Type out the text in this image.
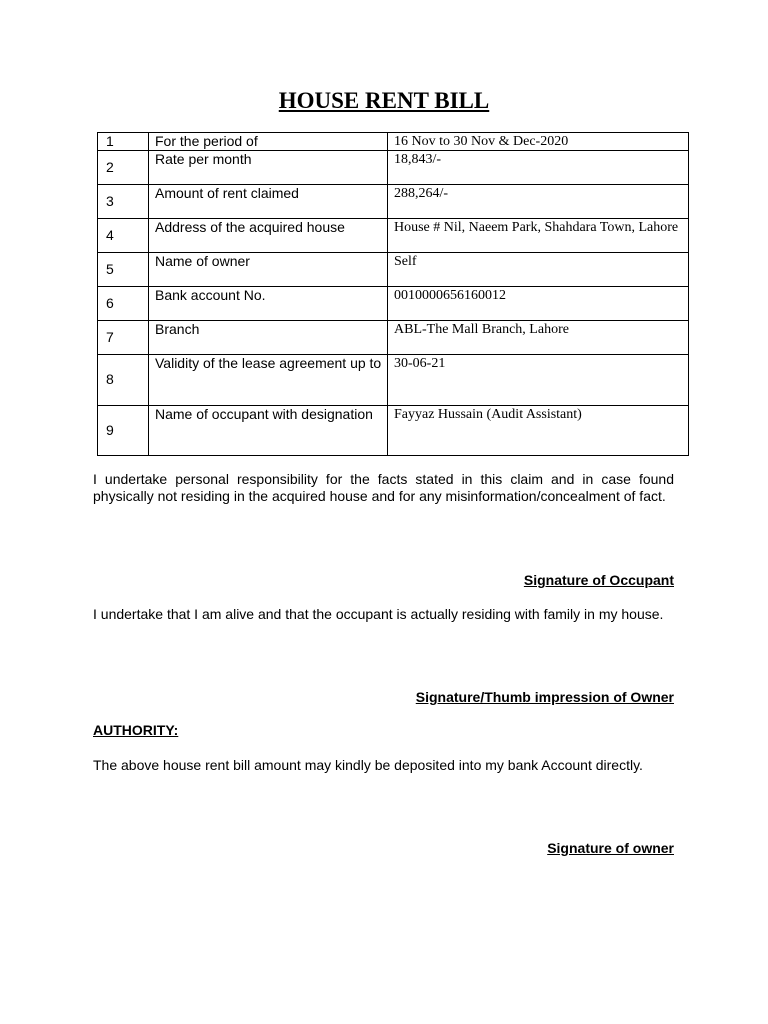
HOUSE RENT BILL
1	For the period of	16 Nov to 30 Nov & Dec-2020

2	Rate per month	18,843/-

3	Amount of rent claimed	288,264/-

4	Address of the acquired house	House # Nil, Naeem Park, Shahdara Town, Lahore

5	Name of owner	Self

6	Bank account No.	0010000656160012

7	Branch	ABL-The Mall Branch, Lahore

8	Validity of the lease agreement up to	30-06-21

9	Name of occupant with designation	Fayyaz Hussain (Audit Assistant)
I undertake personal responsibility for the facts stated in this claim and in case found physically not residing in the acquired house and for any misinformation/concealment of fact.
Signature of Occupant
I undertake that I am alive and that the occupant is actually residing with family in my house.
Signature/Thumb impression of Owner
AUTHORITY:
The above house rent bill amount may kindly be deposited into my bank Account directly.
Signature of owner
